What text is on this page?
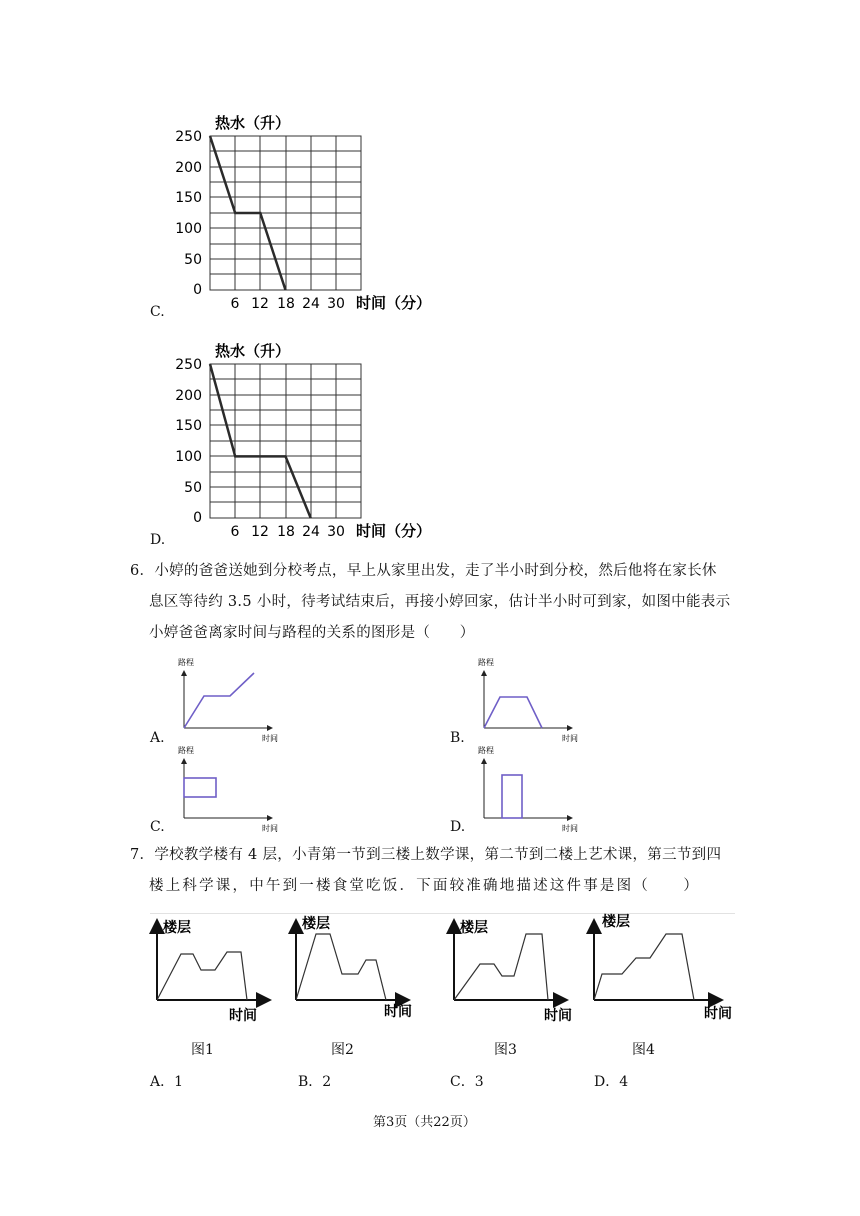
热水（升）
250
200
150
100
50
0
6 12 18 24 30 时间（分）
C.
热水（升）
250
200
150
100
50
0
6 12 18 24 30 时间（分）
D.
6．小婷的爸爸送她到分校考点，早上从家里出发，走了半小时到分校，然后他将在家长休
息区等待约 3.5 小时，待考试结束后，再接小婷回家，估计半小时可到家，如图中能表示
小婷爸爸离家时间与路程的关系的图形是（　　）
路程
时间
A.
路程
时间
B.
路程
时间
C.
路程
时间
D.
7．学校教学楼有 4 层，小青第一节到三楼上数学课，第二节到二楼上艺术课，第三节到四
楼上科学课，中午到一楼食堂吃饭．下面较准确地描述这件事是图（　　）
楼层
时间
图1
楼层
时间
图2
楼层
时间
图3
楼层
时间
图4
A．1	B．2	C．3	D．4
第3页（共22页）
